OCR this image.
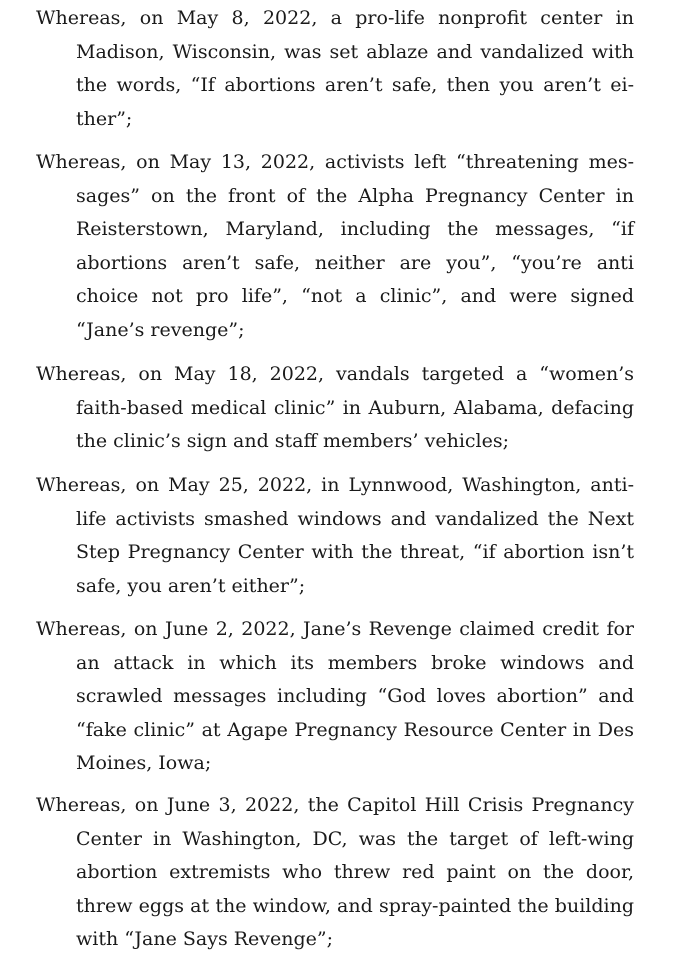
Whereas, on May 8, 2022, a pro-life nonprofit center in Madison, Wisconsin, was set ablaze and vandalized with the words, “If abortions aren’t safe, then you aren’t either”;

Whereas, on May 13, 2022, activists left “threatening messages” on the front of the Alpha Pregnancy Center in Reisterstown, Maryland, including the messages, “if abortions aren’t safe, neither are you”, “you’re anti choice not pro life”, “not a clinic”, and were signed “Jane’s revenge”;

Whereas, on May 18, 2022, vandals targeted a “women’s faith-based medical clinic” in Auburn, Alabama, defacing the clinic’s sign and staff members’ vehicles;

Whereas, on May 25, 2022, in Lynnwood, Washington, antilife activists smashed windows and vandalized the Next Step Pregnancy Center with the threat, “if abortion isn’t safe, you aren’t either”;

Whereas, on June 2, 2022, Jane’s Revenge claimed credit for an attack in which its members broke windows and scrawled messages including “God loves abortion” and “fake clinic” at Agape Pregnancy Resource Center in Des Moines, Iowa;

Whereas, on June 3, 2022, the Capitol Hill Crisis Pregnancy Center in Washington, DC, was the target of left-wing abortion extremists who threw red paint on the door, threw eggs at the window, and spray-painted the building with “Jane Says Revenge”;
